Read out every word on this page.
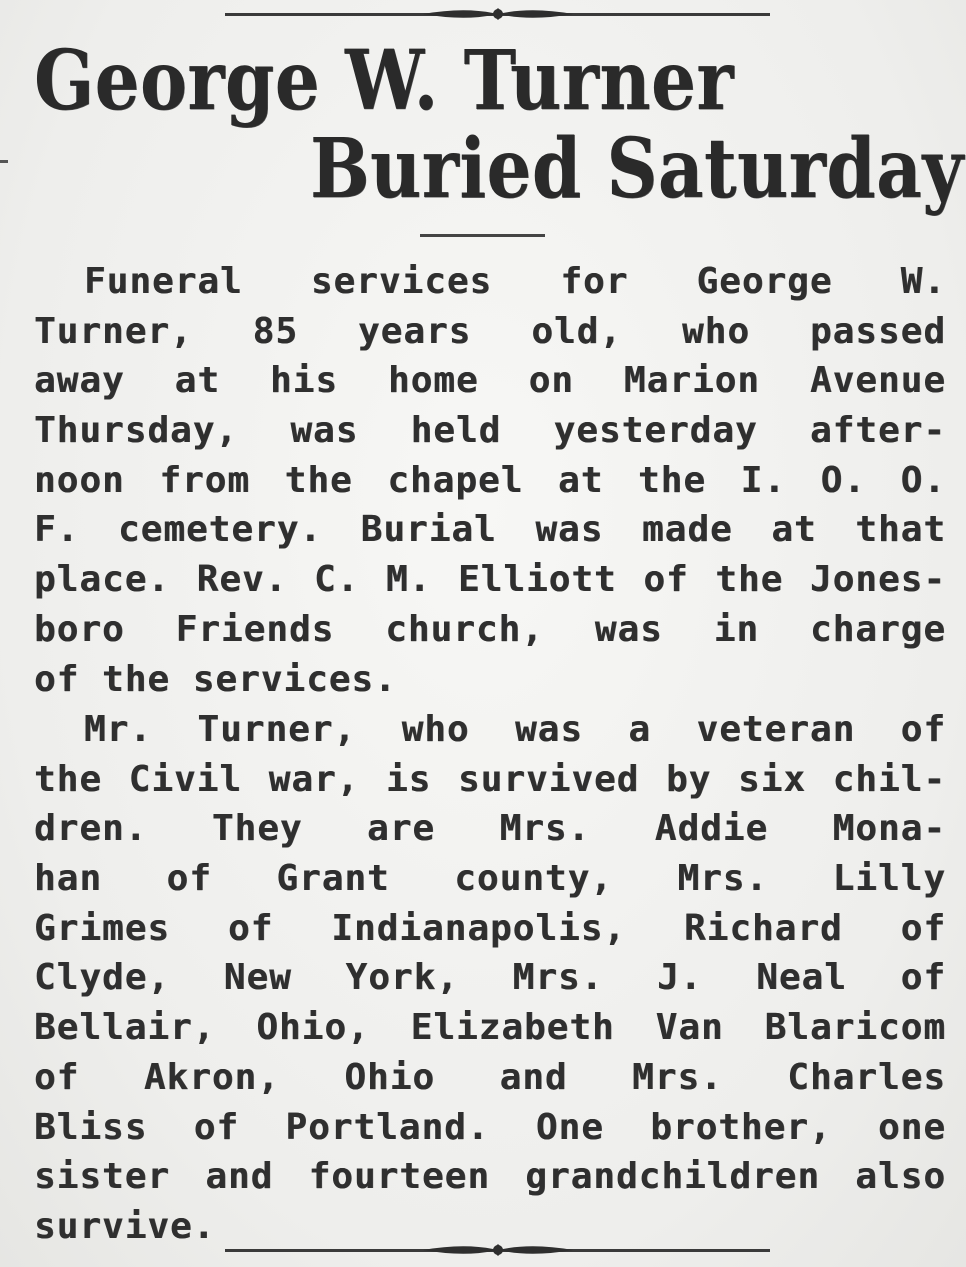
George W. Turner
Buried Saturday
Funeral services for George W.
Turner, 85 years old, who passed
away at his home on Marion Avenue
Thursday, was held yesterday after-
noon from the chapel at the I. O. O.
F. cemetery. Burial was made at that
place. Rev. C. M. Elliott of the Jones-
boro Friends church, was in charge
of the services.
Mr. Turner, who was a veteran of
the Civil war, is survived by six chil-
dren. They are Mrs. Addie Mona-
han of Grant county, Mrs. Lilly
Grimes of Indianapolis, Richard of
Clyde, New York, Mrs. J. Neal of
Bellair, Ohio, Elizabeth Van Blaricom
of Akron, Ohio and Mrs. Charles
Bliss of Portland. One brother, one
sister and fourteen grandchildren also
survive.
